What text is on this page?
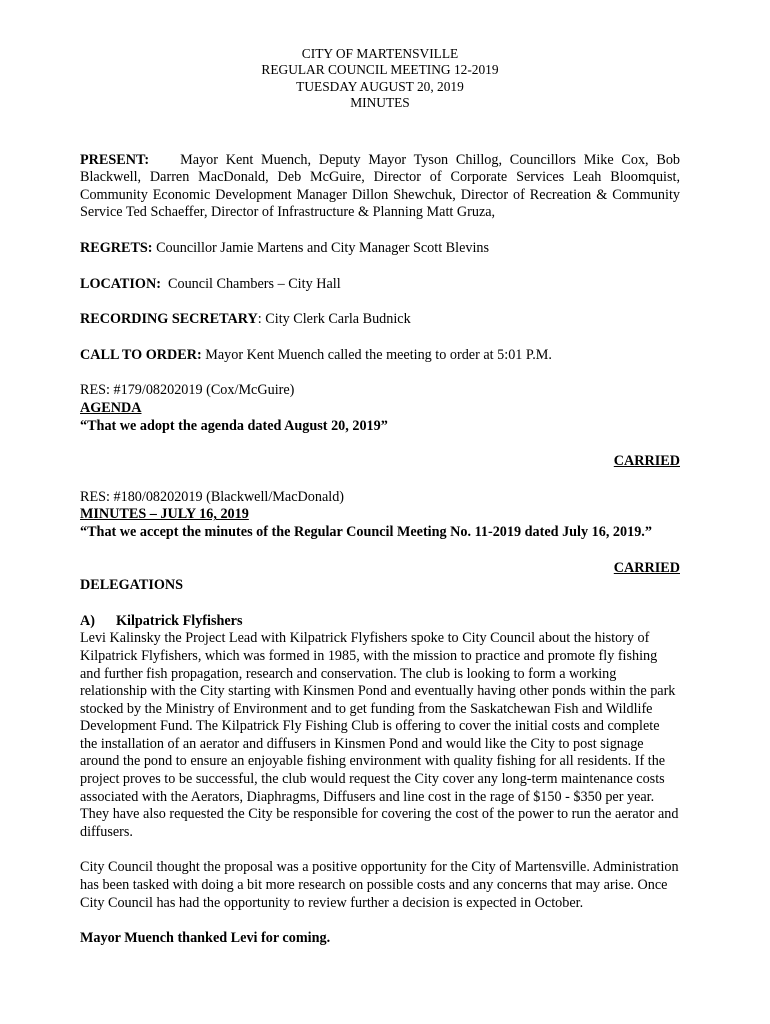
CITY OF MARTENSVILLE
REGULAR COUNCIL MEETING 12-2019
TUESDAY AUGUST 20, 2019
MINUTES

PRESENT: Mayor Kent Muench, Deputy Mayor Tyson Chillog, Councillors Mike Cox, Bob Blackwell, Darren MacDonald, Deb McGuire, Director of Corporate Services Leah Bloomquist, Community Economic Development Manager Dillon Shewchuk, Director of Recreation & Community Service Ted Schaeffer, Director of Infrastructure & Planning Matt Gruza,

REGRETS: Councillor Jamie Martens and City Manager Scott Blevins

LOCATION: Council Chambers – City Hall

RECORDING SECRETARY: City Clerk Carla Budnick

CALL TO ORDER: Mayor Kent Muench called the meeting to order at 5:01 P.M.

RES: #179/08202019 (Cox/McGuire)

AGENDA

“That we adopt the agenda dated August 20, 2019”

CARRIED

RES: #180/08202019 (Blackwell/MacDonald)

MINUTES – JULY 16, 2019

“That we accept the minutes of the Regular Council Meeting No. 11-2019 dated July 16, 2019.”

CARRIED

DELEGATIONS

A) Kilpatrick Flyfishers

Levi Kalinsky the Project Lead with Kilpatrick Flyfishers spoke to City Council about the history of Kilpatrick Flyfishers, which was formed in 1985, with the mission to practice and promote fly fishing and further fish propagation, research and conservation. The club is looking to form a working relationship with the City starting with Kinsmen Pond and eventually having other ponds within the park stocked by the Ministry of Environment and to get funding from the Saskatchewan Fish and Wildlife Development Fund. The Kilpatrick Fly Fishing Club is offering to cover the initial costs and complete the installation of an aerator and diffusers in Kinsmen Pond and would like the City to post signage around the pond to ensure an enjoyable fishing environment with quality fishing for all residents. If the project proves to be successful, the club would request the City cover any long-term maintenance costs associated with the Aerators, Diaphragms, Diffusers and line cost in the rage of $150 - $350 per year. They have also requested the City be responsible for covering the cost of the power to run the aerator and diffusers.

City Council thought the proposal was a positive opportunity for the City of Martensville. Administration has been tasked with doing a bit more research on possible costs and any concerns that may arise. Once City Council has had the opportunity to review further a decision is expected in October.

Mayor Muench thanked Levi for coming.
